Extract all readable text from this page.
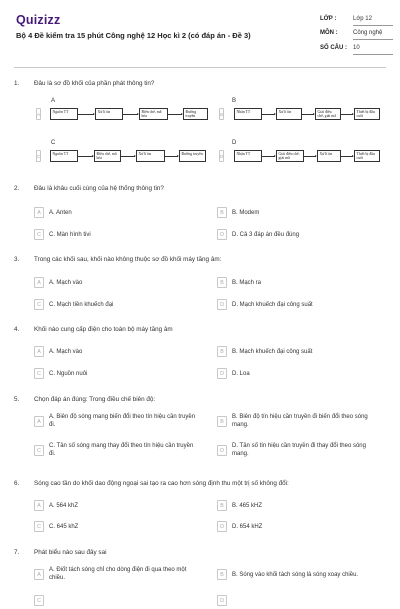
Quizizz
Bộ 4 Đề kiểm tra 15 phút Công nghệ 12 Học kì 2 (có đáp án - Đề 3)
LỚP :	Lớp 12
MÔN :	Công nghệ
SỐ CÂU : 10
1. Đâu là sơ đồ khối của phần phát thông tin?
A
A	Nguồn TT	Xử lí tin	Biến chế, mã hóa
Đường truyền
B
B	Nhận TT	Xử lí tin	Giải điều chế, giải mã
Thiết bị đầu cuối
C
C	Nguồn TT	Điều chế, mã hóa
Xử lí tin	Đường truyền
D
D	Nhận TT	Giải điều chế, giải mã
Xử lí tin	Thiết bị đầu cuối
2. Đâu là khâu cuối cùng của hệ thống thông tin?
A	A. Anten	B	B. Modem
C	C. Màn hình tivi	D	D. Cả 3 đáp án đều đúng
3. Trong các khối sau, khối nào không thuộc sơ đồ khối máy tăng âm:
A	A. Mạch vào	B	B. Mạch ra
C	C. Mạch tiền khuếch đại	D	D. Mạch khuếch đại công suất
4. Khối nào cung cấp điện cho toàn bộ máy tăng âm
A	A. Mạch vào	B	B. Mạch khuếch đại công suất
C	C. Nguồn nuôi	D	D. Loa
5. Chọn đáp án đúng: Trong điều chế biên độ:
A
A. Biên độ sóng mang biến đổi theo tín hiệu cần truyền đi.	B
B. Biên độ tín hiệu cần truyền đi biến đổi theo sóng mang.
C
C. Tần số sóng mang thay đổi theo tín hiệu cần truyền đi.	D
D. Tần số tín hiệu cần truyền đi thay đổi theo sóng mang.
6. Sóng cao tần do khối dao động ngoại sai tạo ra cao hơn sóng định thu một trị số không đổi:
A	A. 564 khZ	B	B. 465 kHZ
C	C. 645 khZ	D	D. 654 kHZ
7. Phát biểu nào sau đây sai
A
A. Điốt tách sóng chỉ cho dòng điện đi qua theo một chiều.	B	B. Sóng vào khối tách sóng là sóng xoay chiều.
C	D
